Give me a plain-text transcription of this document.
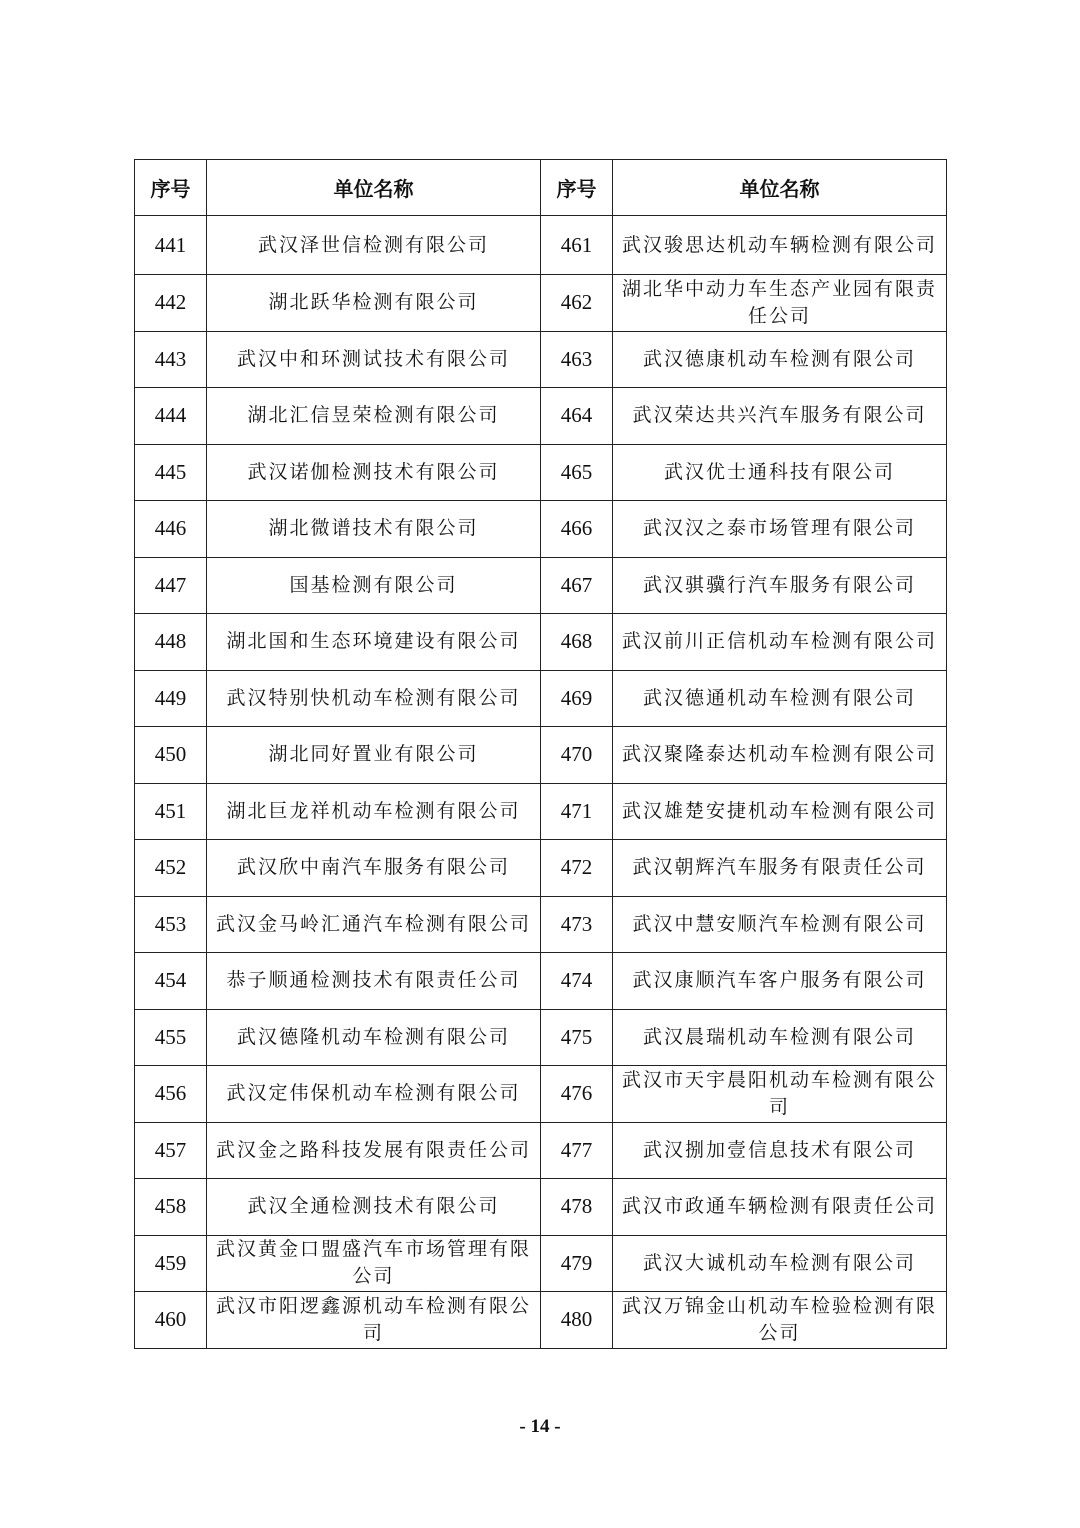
序号	单位名称	序号	单位名称
441	武汉泽世信检测有限公司	461	武汉骏思达机动车辆检测有限公司
442	湖北跃华检测有限公司	462	湖北华中动力车生态产业园有限责任公司
443	武汉中和环测试技术有限公司	463	武汉德康机动车检测有限公司
444	湖北汇信昱荣检测有限公司	464	武汉荣达共兴汽车服务有限公司
445	武汉诺伽检测技术有限公司	465	武汉优士通科技有限公司
446	湖北微谱技术有限公司	466	武汉汉之泰市场管理有限公司
447	国基检测有限公司	467	武汉骐骥行汽车服务有限公司
448	湖北国和生态环境建设有限公司	468	武汉前川正信机动车检测有限公司
449	武汉特别快机动车检测有限公司	469	武汉德通机动车检测有限公司
450	湖北同好置业有限公司	470	武汉聚隆泰达机动车检测有限公司
451	湖北巨龙祥机动车检测有限公司	471	武汉雄楚安捷机动车检测有限公司
452	武汉欣中南汽车服务有限公司	472	武汉朝辉汽车服务有限责任公司
453	武汉金马岭汇通汽车检测有限公司	473	武汉中慧安顺汽车检测有限公司
454	恭子顺通检测技术有限责任公司	474	武汉康顺汽车客户服务有限公司
455	武汉德隆机动车检测有限公司	475	武汉晨瑞机动车检测有限公司
456	武汉定伟保机动车检测有限公司	476	武汉市天宇晨阳机动车检测有限公司
457	武汉金之路科技发展有限责任公司	477	武汉捌加壹信息技术有限公司
458	武汉全通检测技术有限公司	478	武汉市政通车辆检测有限责任公司
459	武汉黄金口盟盛汽车市场管理有限公司	479	武汉大诚机动车检测有限公司
460	武汉市阳逻鑫源机动车检测有限公司	480	武汉万锦金山机动车检验检测有限公司
- 14 -
